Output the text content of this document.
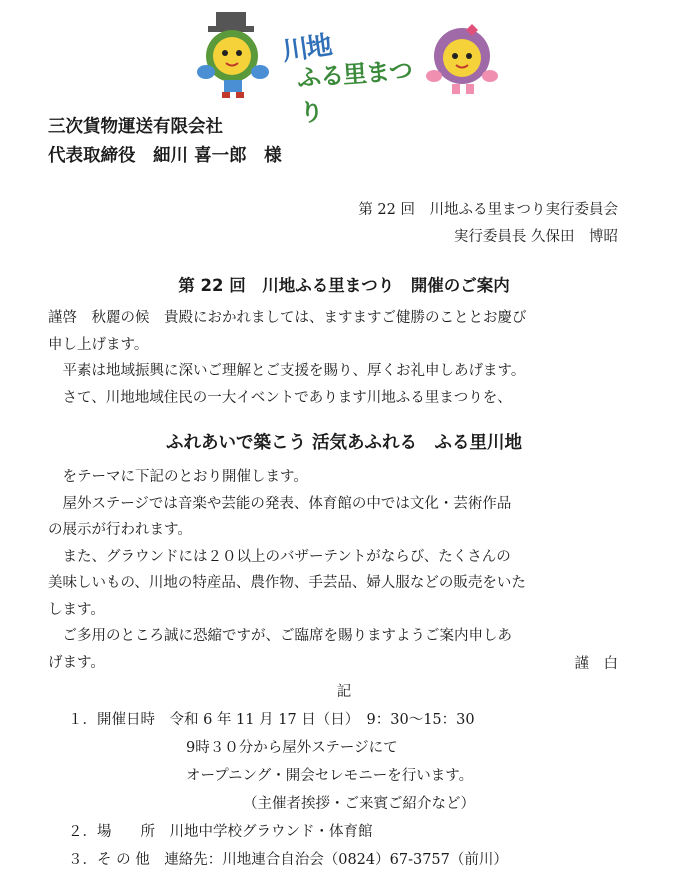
川地
ふる里まつり
三次貨物運送有限会社
代表取締役　細川 喜一郎　様
第 22 回　川地ふる里まつり実行委員会
実行委員長 久保田　博昭
第 22 回　川地ふる里まつり　開催のご案内

謹啓　秋麗の候　貴殿におかれましては、ますますご健勝のこととお慶び

申し上げます。

　平素は地域振興に深いご理解とご支援を賜り、厚くお礼申しあげます。

　さて、川地地域住民の一大イベントであります川地ふる里まつりを、

ふれあいで築こう 活気あふれる　ふる里川地

　をテーマに下記のとおり開催します。

　屋外ステージでは音楽や芸能の発表、体育館の中では文化・芸術作品

の展示が行われます。

　また、グラウンドには２０以上のバザーテントがならび、たくさんの

美味しいもの、川地の特産品、農作物、手芸品、婦人服などの販売をいた

します。

　ご多用のところ誠に恐縮ですが、ご臨席を賜りますようご案内申しあ

げます。	謹　白
記
１．開催日時　令和 6 年 11 月 17 日（日）　9：30〜15：30
9時３０分から屋外ステージにて
オープニング・開会セレモニーを行います。
（主催者挨拶・ご来賓ご紹介など）
２．場　　所　川地中学校グラウンド・体育館
３．そ の 他　連絡先：川地連合自治会（0824）67-3757（前川）
